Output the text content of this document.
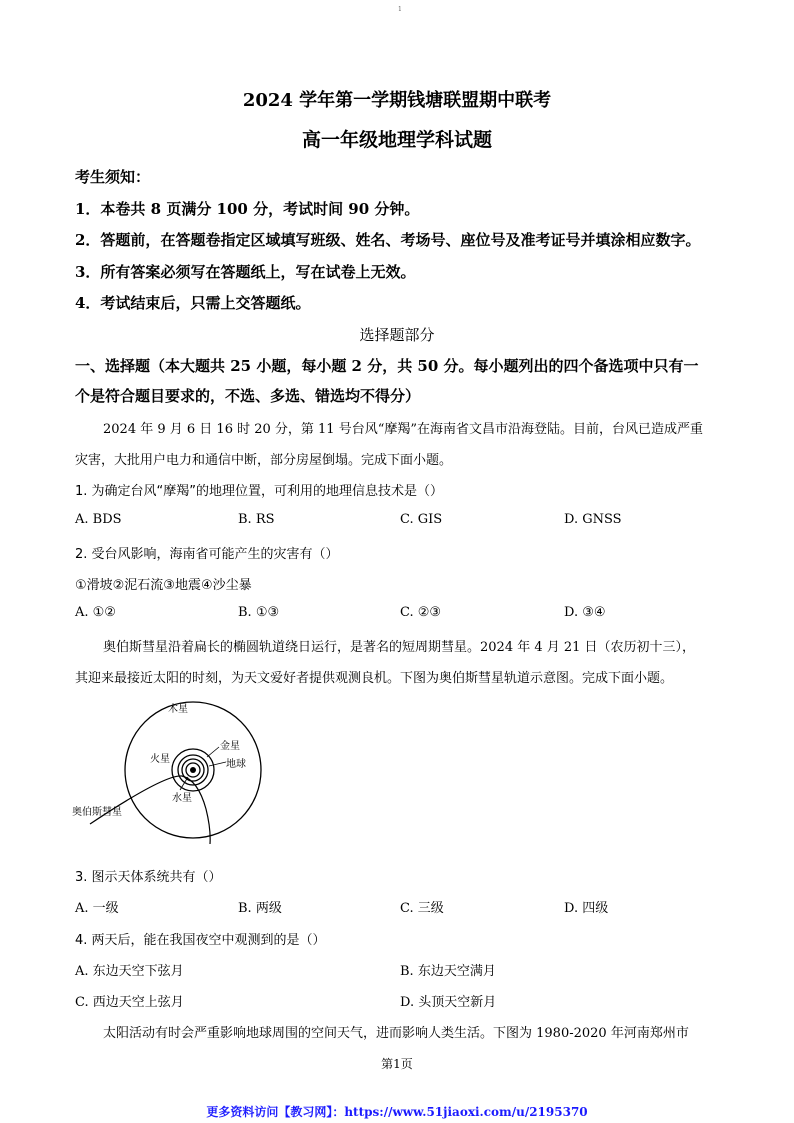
1
2024 学年第一学期钱塘联盟期中联考
高一年级地理学科试题
考生须知：
1．本卷共 8 页满分 100 分，考试时间 90 分钟。
2．答题前，在答题卷指定区域填写班级、姓名、考场号、座位号及准考证号并填涂相应数字。
3．所有答案必须写在答题纸上，写在试卷上无效。
4．考试结束后，只需上交答题纸。
选择题部分
一、选择题（本大题共 25 小题，每小题 2 分，共 50 分。每小题列出的四个备选项中只有一
个是符合题目要求的，不选、多选、错选均不得分）
2024 年 9 月 6 日 16 时 20 分，第 11 号台风“摩羯”在海南省文昌市沿海登陆。目前，台风已造成严重
灾害，大批用户电力和通信中断，部分房屋倒塌。完成下面小题。
1. 为确定台风“摩羯”的地理位置，可利用的地理信息技术是（）
A. BDS	B. RS	C. GIS	D. GNSS
2. 受台风影响，海南省可能产生的灾害有（）
①滑坡②泥石流③地震④沙尘暴
A. ①②	B. ①③	C. ②③	D. ③④
奥伯斯彗星沿着扁长的椭圆轨道绕日运行，是著名的短周期彗星。2024 年 4 月 21 日（农历初十三），
其迎来最接近太阳的时刻，为天文爱好者提供观测良机。下图为奥伯斯彗星轨道示意图。完成下面小题。
木星
火星
金星
地球
水星
奥伯斯彗星
3. 图示天体系统共有（）
A. 一级	B. 两级	C. 三级	D. 四级
4. 两天后，能在我国夜空中观测到的是（）
A. 东边天空下弦月	B. 东边天空满月
C. 西边天空上弦月	D. 头顶天空新月
太阳活动有时会严重影响地球周围的空间天气，进而影响人类生活。下图为 1980-2020 年河南郑州市
第1页
更多资料访问【教习网】：https://www.51jiaoxi.com/u/2195370
